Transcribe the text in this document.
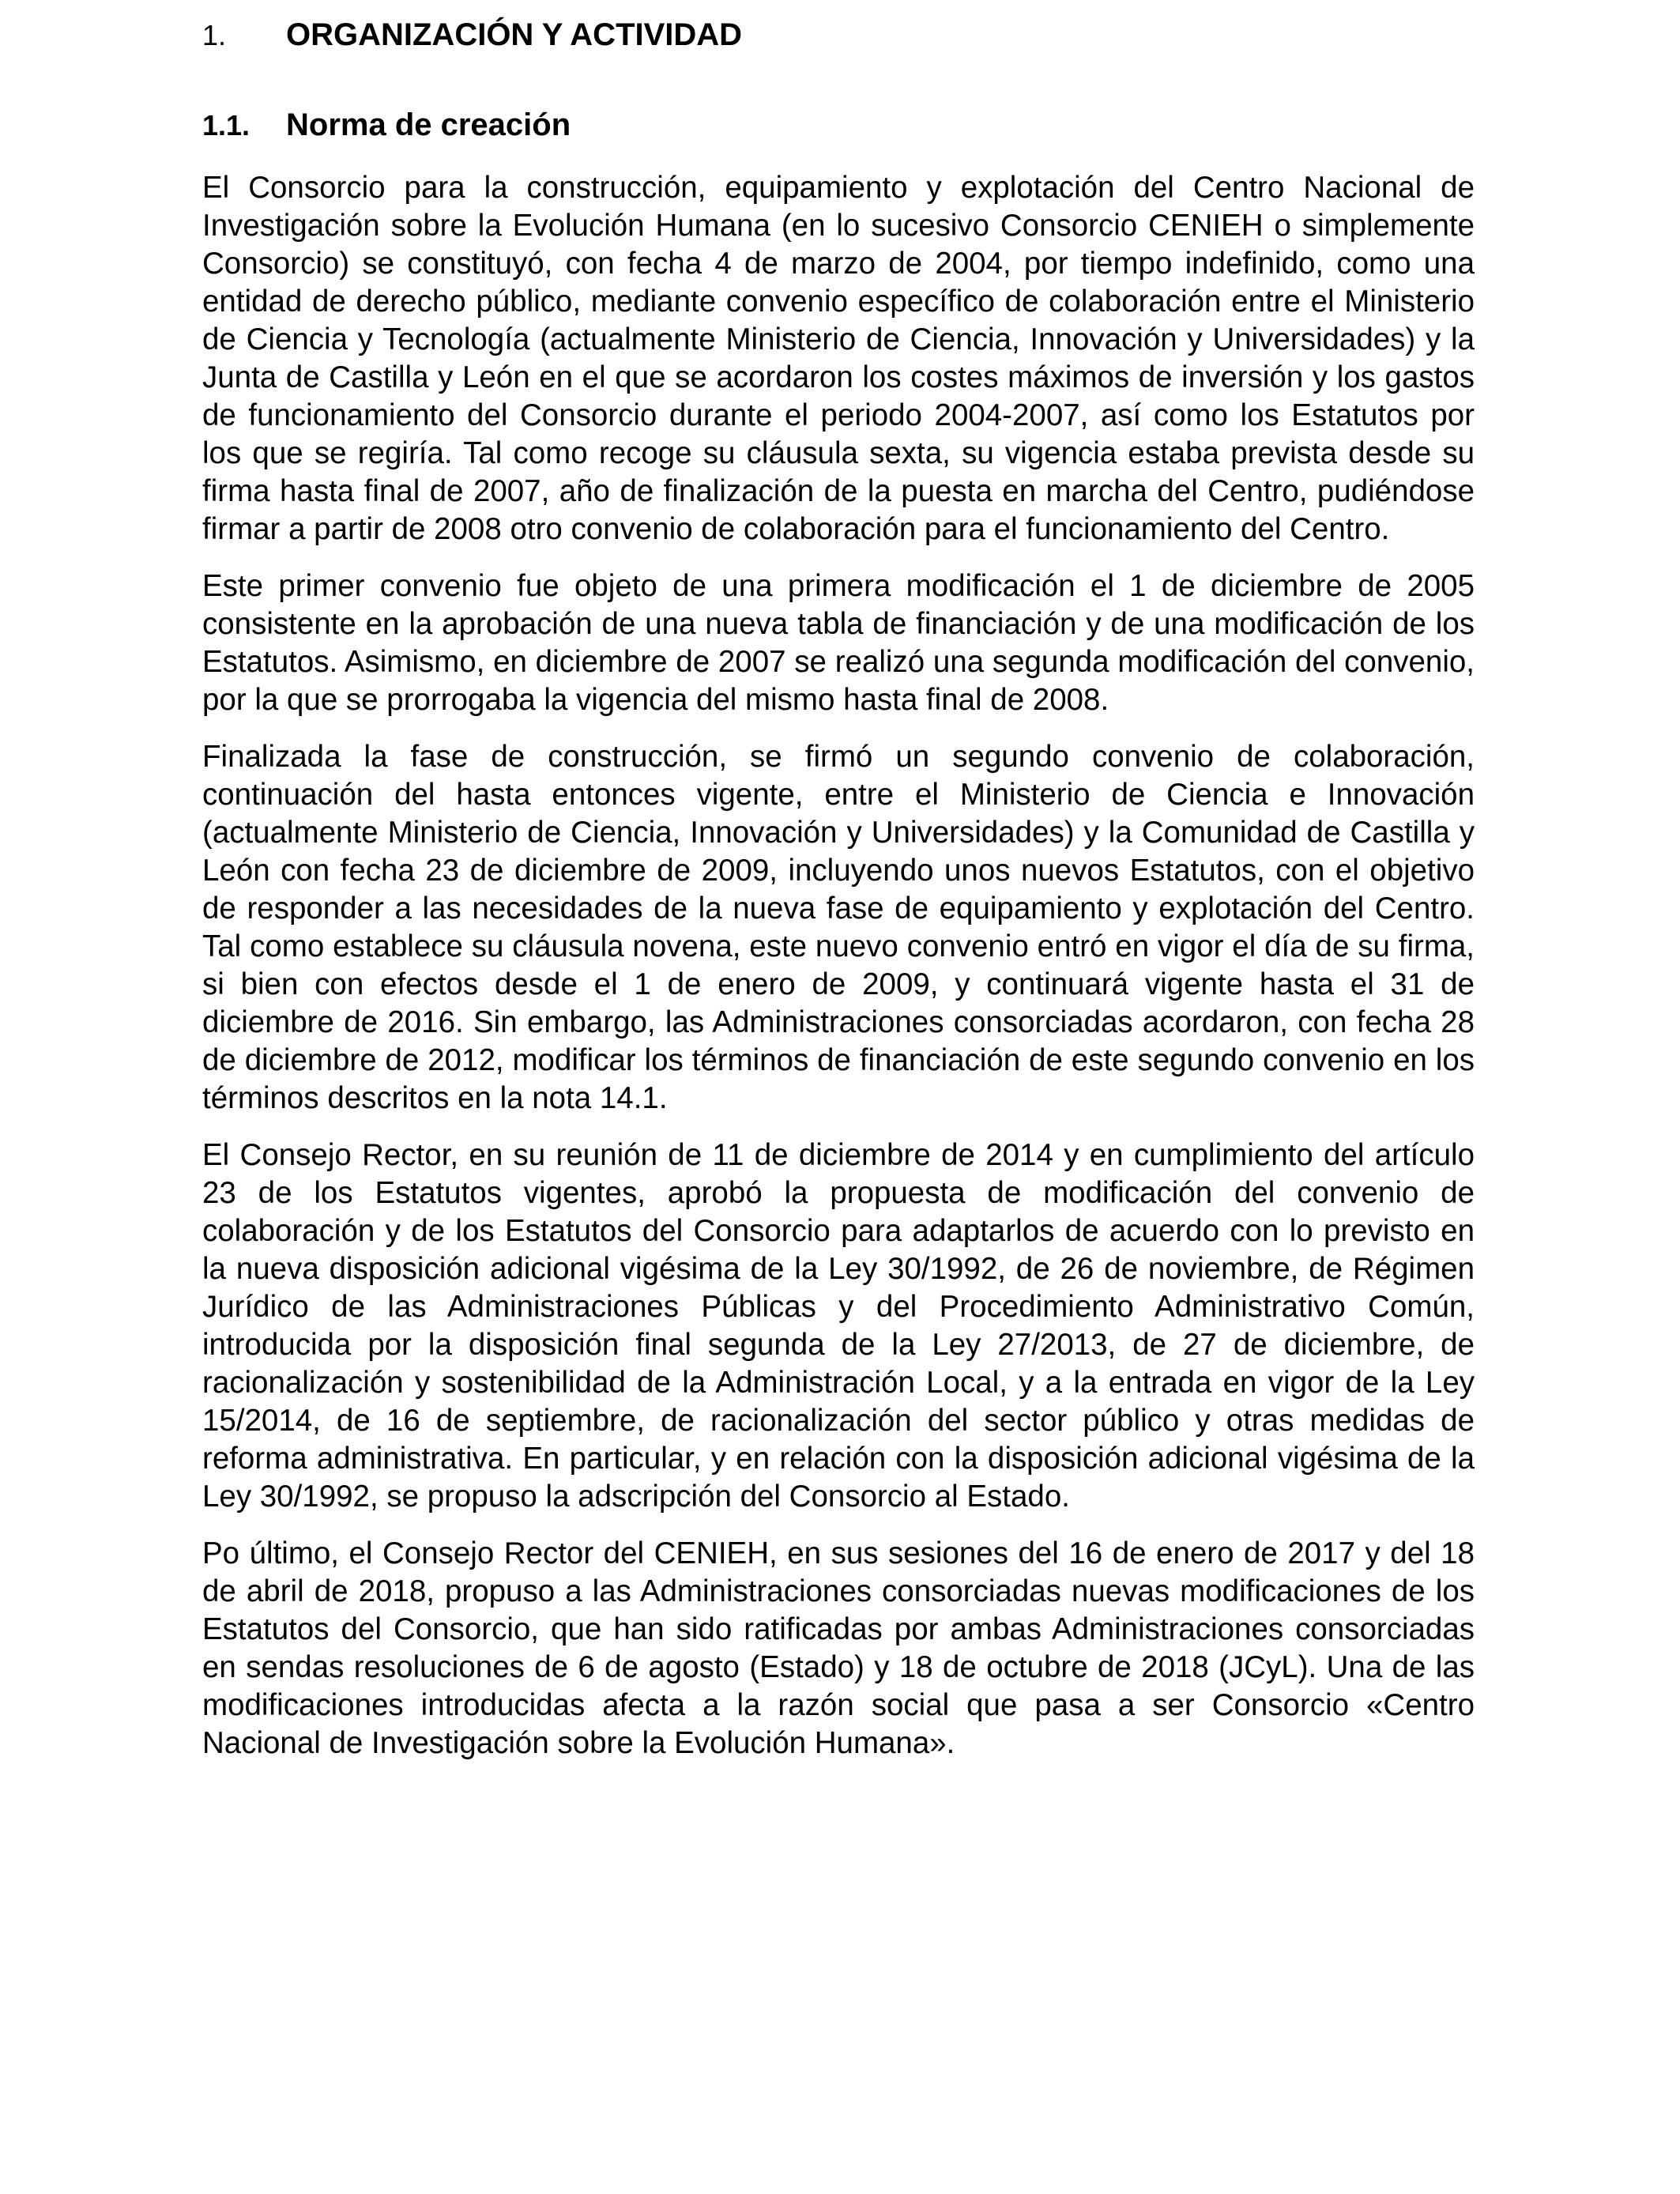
1.	ORGANIZACIÓN Y ACTIVIDAD
1.1.	Norma de creación

El Consorcio para la construcción, equipamiento y explotación del Centro Nacional de Investigación sobre la Evolución Humana (en lo sucesivo Consorcio CENIEH o simplemente Consorcio) se constituyó, con fecha 4 de marzo de 2004, por tiempo indefinido, como una entidad de derecho público, mediante convenio específico de colaboración entre el Ministerio de Ciencia y Tecnología (actualmente Ministerio de Ciencia, Innovación y Universidades) y la Junta de Castilla y León en el que se acordaron los costes máximos de inversión y los gastos de funcionamiento del Consorcio durante el periodo 2004-2007, así como los Estatutos por los que se regiría. Tal como recoge su cláusula sexta, su vigencia estaba prevista desde su firma hasta final de 2007, año de finalización de la puesta en marcha del Centro, pudiéndose firmar a partir de 2008 otro convenio de colaboración para el funcionamiento del Centro.

Este primer convenio fue objeto de una primera modificación el 1 de diciembre de 2005 consistente en la aprobación de una nueva tabla de financiación y de una modificación de los Estatutos. Asimismo, en diciembre de 2007 se realizó una segunda modificación del convenio, por la que se prorrogaba la vigencia del mismo hasta final de 2008.

Finalizada la fase de construcción, se firmó un segundo convenio de colaboración, continuación del hasta entonces vigente, entre el Ministerio de Ciencia e Innovación (actualmente Ministerio de Ciencia, Innovación y Universidades) y la Comunidad de Castilla y León con fecha 23 de diciembre de 2009, incluyendo unos nuevos Estatutos, con el objetivo de responder a las necesidades de la nueva fase de equipamiento y explotación del Centro. Tal como establece su cláusula novena, este nuevo convenio entró en vigor el día de su firma, si bien con efectos desde el 1 de enero de 2009, y continuará vigente hasta el 31 de diciembre de 2016. Sin embargo, las Administraciones consorciadas acordaron, con fecha 28 de diciembre de 2012, modificar los términos de financiación de este segundo convenio en los términos descritos en la nota 14.1.

El Consejo Rector, en su reunión de 11 de diciembre de 2014 y en cumplimiento del artículo 23 de los Estatutos vigentes, aprobó la propuesta de modificación del convenio de colaboración y de los Estatutos del Consorcio para adaptarlos de acuerdo con lo previsto en la nueva disposición adicional vigésima de la Ley 30/1992, de 26 de noviembre, de Régimen Jurídico de las Administraciones Públicas y del Procedimiento Administrativo Común, introducida por la disposición final segunda de la Ley 27/2013, de 27 de diciembre, de racionalización y sostenibilidad de la Administración Local, y a la entrada en vigor de la Ley 15/2014, de 16 de septiembre, de racionalización del sector público y otras medidas de reforma administrativa. En particular, y en relación con la disposición adicional vigésima de la Ley 30/1992, se propuso la adscripción del Consorcio al Estado.

Po último, el Consejo Rector del CENIEH, en sus sesiones del 16 de enero de 2017 y del 18 de abril de 2018, propuso a las Administraciones consorciadas nuevas modificaciones de los Estatutos del Consorcio, que han sido ratificadas por ambas Administraciones consorciadas en sendas resoluciones de 6 de agosto (Estado) y 18 de octubre de 2018 (JCyL). Una de las modificaciones introducidas afecta a la razón social que pasa a ser Consorcio «Centro Nacional de Investigación sobre la Evolución Humana».
